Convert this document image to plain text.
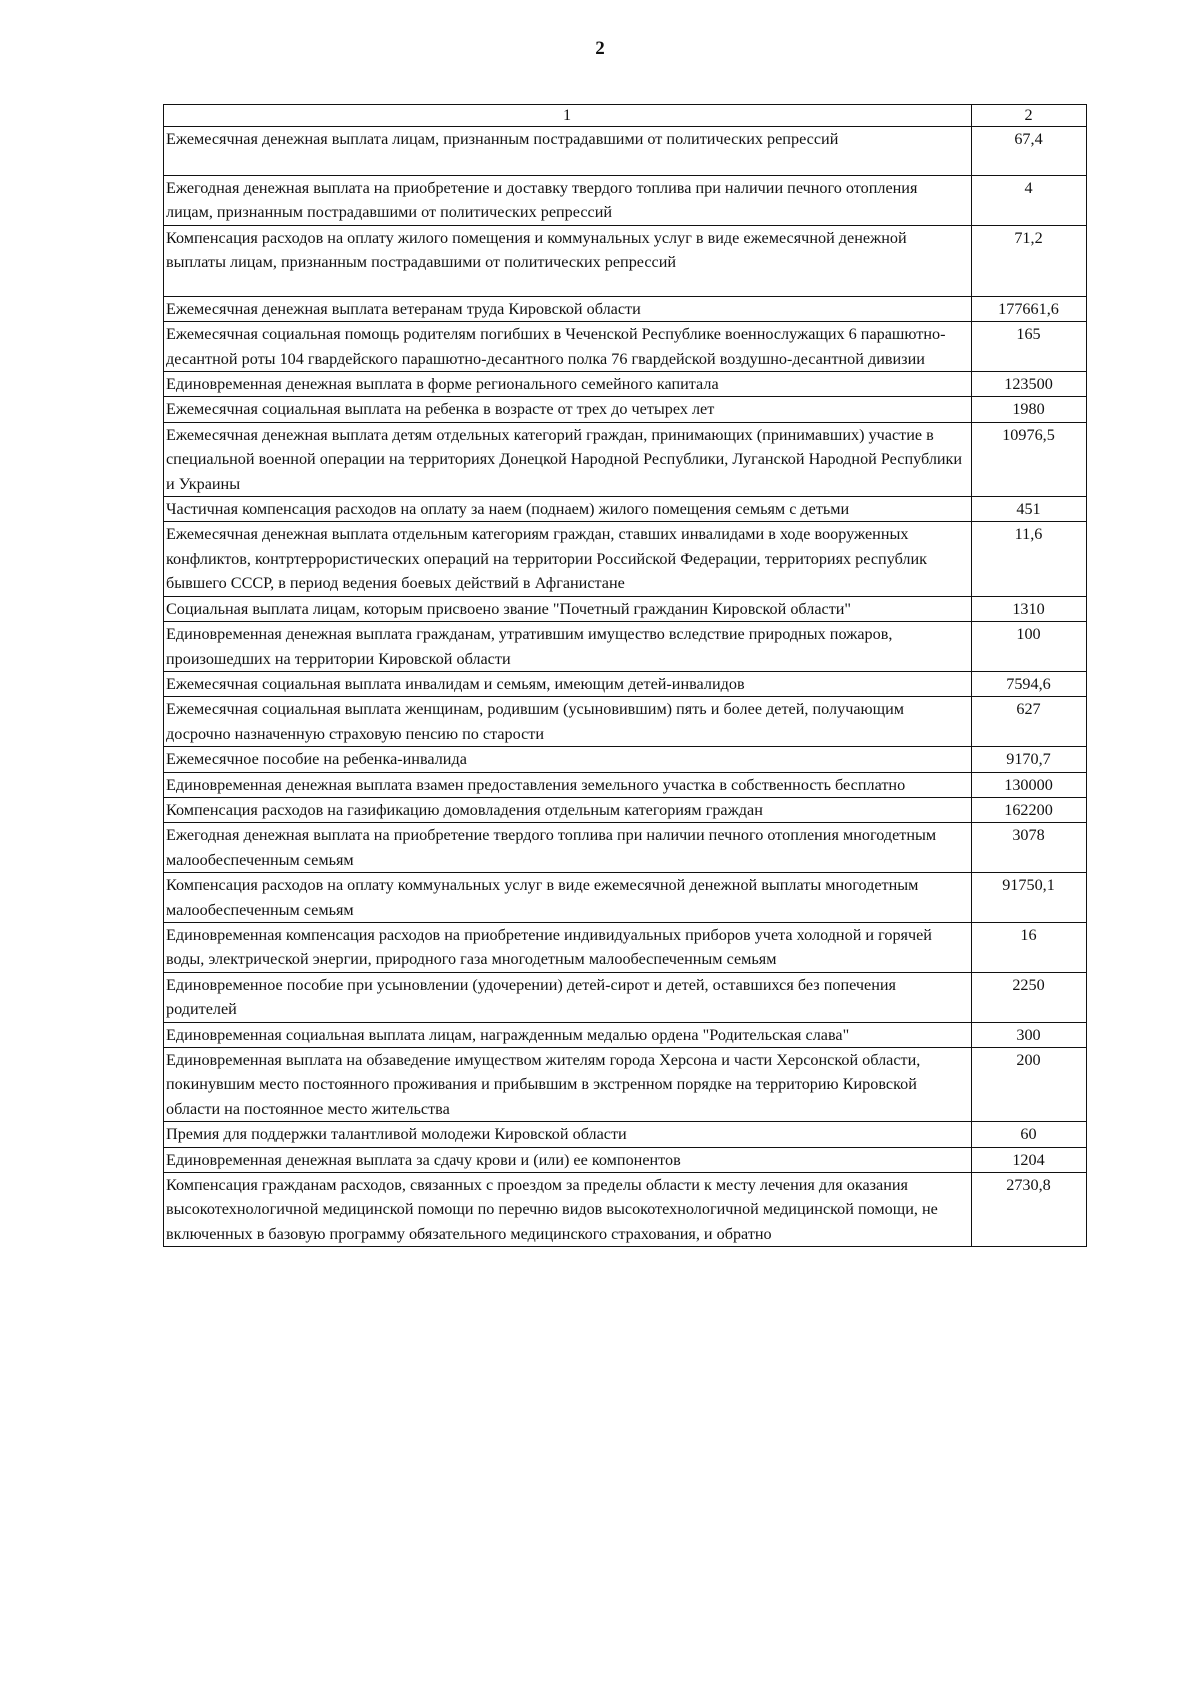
2
1	2
Ежемесячная денежная выплата лицам, признанным пострадавшими от политических репрессий	67,4
Ежегодная денежная выплата на приобретение и доставку твердого топлива при наличии печного отопления лицам, признанным пострадавшими от политических репрессий	4
Компенсация расходов на оплату жилого помещения и коммунальных услуг в виде ежемесячной денежной выплаты лицам, признанным пострадавшими от политических репрессий	71,2
Ежемесячная денежная выплата ветеранам труда Кировской области	177661,6
Ежемесячная социальная помощь родителям погибших в Чеченской Республике военнослужащих 6 парашютно-десантной роты 104 гвардейского парашютно-десантного полка 76 гвардейской воздушно-десантной дивизии	165
Единовременная денежная выплата в форме регионального семейного капитала	123500
Ежемесячная социальная выплата на ребенка в возрасте от трех до четырех лет	1980
Ежемесячная денежная выплата детям отдельных категорий граждан, принимающих (принимавших) участие в специальной военной операции на территориях Донецкой Народной Республики, Луганской Народной Республики и Украины	10976,5
Частичная компенсация расходов на оплату за наем (поднаем) жилого помещения семьям с детьми	451
Ежемесячная денежная выплата отдельным категориям граждан, ставших инвалидами в ходе вооруженных конфликтов, контртеррористических операций на территории Российской Федерации, территориях республик бывшего СССР, в период ведения боевых действий в Афганистане	11,6
Социальная выплата лицам, которым присвоено звание "Почетный гражданин Кировской области"	1310
Единовременная денежная выплата гражданам, утратившим имущество вследствие природных пожаров, произошедших на территории Кировской области	100
Ежемесячная социальная выплата инвалидам и семьям, имеющим детей-инвалидов	7594,6
Ежемесячная социальная выплата женщинам, родившим (усыновившим) пять и более детей, получающим досрочно назначенную страховую пенсию по старости	627
Ежемесячное пособие на ребенка-инвалида	9170,7
Единовременная денежная выплата взамен предоставления земельного участка в собственность бесплатно	130000
Компенсация расходов на газификацию домовладения отдельным категориям граждан	162200
Ежегодная денежная выплата на приобретение твердого топлива при наличии печного отопления многодетным малообеспеченным семьям	3078
Компенсация расходов на оплату коммунальных услуг в виде ежемесячной денежной выплаты многодетным малообеспеченным семьям	91750,1
Единовременная компенсация расходов на приобретение индивидуальных приборов учета холодной и горячей воды, электрической энергии, природного газа многодетным малообеспеченным семьям	16
Единовременное пособие при усыновлении (удочерении) детей-сирот и детей, оставшихся без попечения родителей	2250
Единовременная социальная выплата лицам, награжденным медалью ордена "Родительская слава"	300
Единовременная выплата на обзаведение имуществом жителям города Херсона и части Херсонской области, покинувшим место постоянного проживания и прибывшим в экстренном порядке на территорию Кировской области на постоянное место жительства	200
Премия для поддержки талантливой молодежи Кировской области	60
Единовременная денежная выплата за сдачу крови и (или) ее компонентов	1204
Компенсация гражданам расходов, связанных с проездом за пределы области к месту лечения для оказания высокотехнологичной медицинской помощи по перечню видов высокотехнологичной медицинской помощи, не включенных в базовую программу обязательного медицинского страхования, и обратно	2730,8
